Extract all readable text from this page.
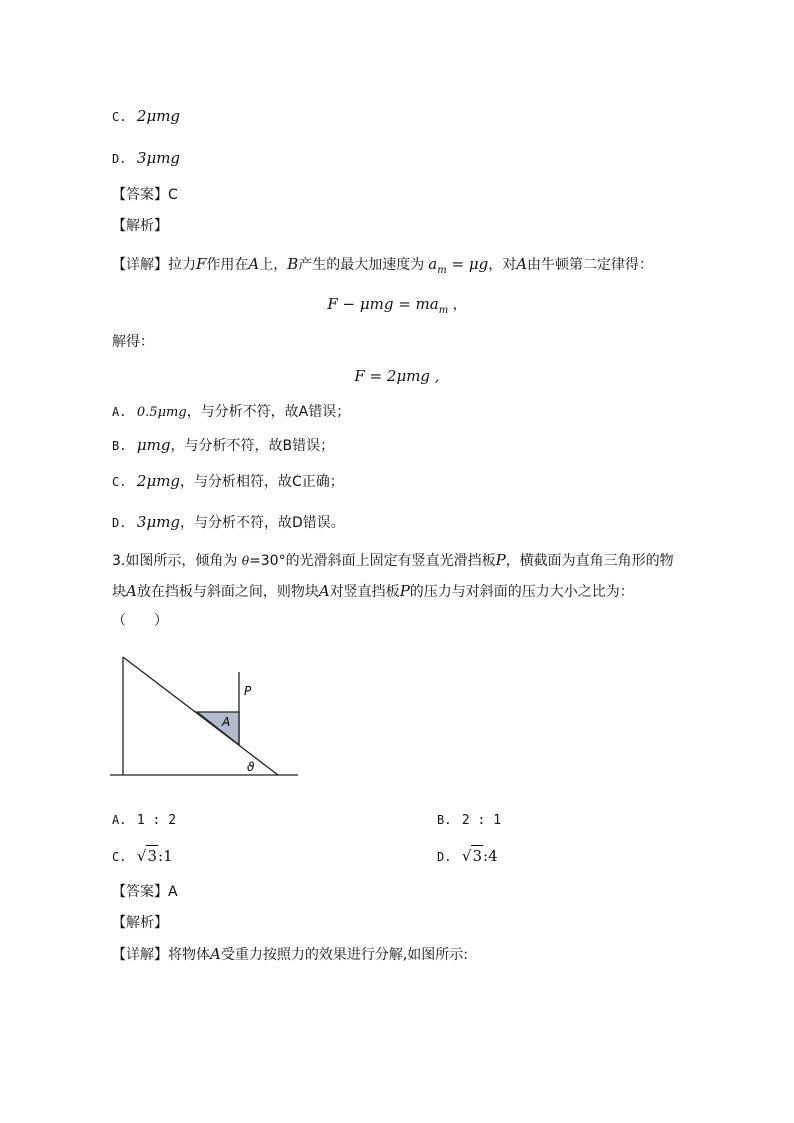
C. 2μmg
D. 3μmg
【答案】C
【解析】
【详解】拉力F作用在A上，B产生的最大加速度为 $a_m = \mu g$，对A由牛顿第二定律得：
$F - \mu mg = ma_m$ ，
解得：
F = 2μmg ,
A. 0.5μmg，与分析不符，故A错误；
B. μmg，与分析不符，故B错误；
C. 2μmg，与分析相符，故C正确；
D. 3μmg，与分析不符，故D错误。
3.如图所示，倾角为 θ=30°的光滑斜面上固定有竖直光滑挡板P，横截面为直角三角形的物
块A放在挡板与斜面之间，则物块A对竖直挡板P的压力与对斜面的压力大小之比为：
（　　）
P
A
ϑ
A. 1 : 2	B. 2 : 1
C. √3:1	D. √3:4
【答案】A
【解析】
【详解】将物体A受重力按照力的效果进行分解,如图所示:
